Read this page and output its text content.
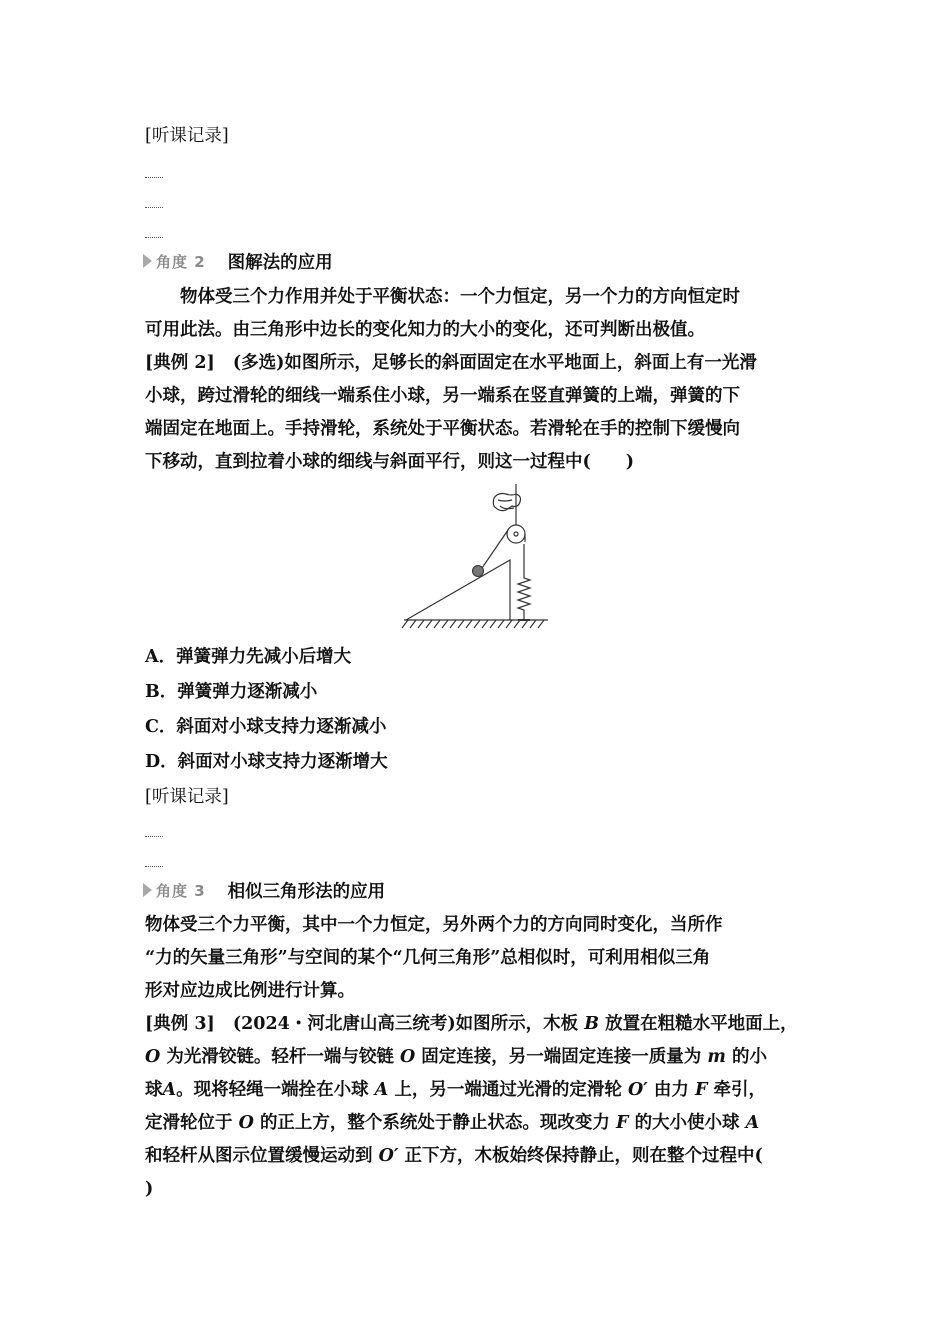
[听课记录]
角度 2 图解法的应用
物体受三个力作用并处于平衡状态：一个力恒定，另一个力的方向恒定时
可用此法。由三角形中边长的变化知力的大小的变化，还可判断出极值。
[典例 2] (多选)如图所示，足够长的斜面固定在水平地面上，斜面上有一光滑
小球，跨过滑轮的细线一端系住小球，另一端系在竖直弹簧的上端，弹簧的下
端固定在地面上。手持滑轮，系统处于平衡状态。若滑轮在手的控制下缓慢向
下移动，直到拉着小球的细线与斜面平行，则这一过程中(　　)
A．弹簧弹力先减小后增大
B．弹簧弹力逐渐减小
C．斜面对小球支持力逐渐减小
D．斜面对小球支持力逐渐增大
[听课记录]
角度 3 相似三角形法的应用
物体受三个力平衡，其中一个力恒定，另外两个力的方向同时变化，当所作
“力的矢量三角形”与空间的某个“几何三角形”总相似时，可利用相似三角
形对应边成比例进行计算。
[典例 3] (2024・河北唐山高三统考)如图所示，木板 B 放置在粗糙水平地面上，
O 为光滑铰链。轻杆一端与铰链 O 固定连接，另一端固定连接一质量为 m 的小
球A。现将轻绳一端拴在小球 A 上，另一端通过光滑的定滑轮 O′ 由力 F 牵引，
定滑轮位于 O 的正上方，整个系统处于静止状态。现改变力 F 的大小使小球 A
和轻杆从图示位置缓慢运动到 O′ 正下方，木板始终保持静止，则在整个过程中(
)
